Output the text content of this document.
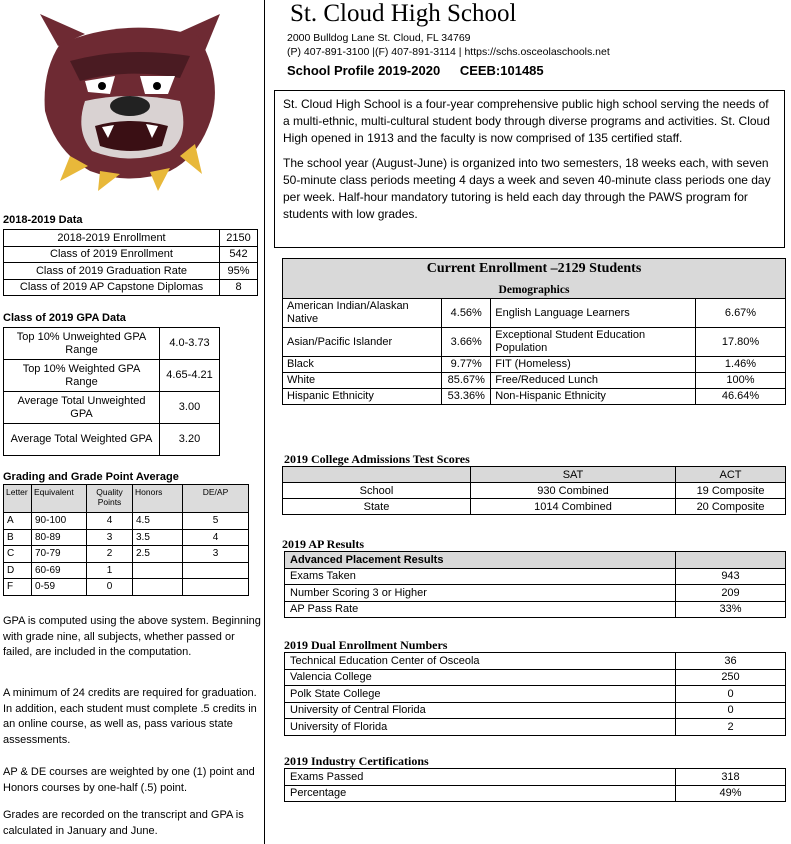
2018-2019 Data
2018-2019 Enrollment	2150
Class of 2019 Enrollment	542
Class of 2019 Graduation Rate	95%
Class of 2019 AP Capstone Diplomas	8
Class of 2019 GPA Data
Top 10% Unweighted GPA Range	4.0-3.73
Top 10% Weighted GPA Range	4.65-4.21
Average Total Unweighted GPA	3.00
Average Total Weighted GPA	3.20
Grading and Grade Point Average
Letter	Equivalent	Quality Points	Honors	DE/AP
A	90-100	4	4.5	5
B	80-89	3	3.5	4
C	70-79	2	2.5	3
D	60-69	1		
F	0-59	0		
GPA is computed using the above system. Beginning with grade nine, all subjects, whether passed or failed, are included in the computation.
A minimum of 24 credits are required for graduation. In addition, each student must complete .5 credits in an online course, as well as, pass various state assessments.
AP & DE courses are weighted by one (1) point and Honors courses by one-half (.5) point.
Grades are recorded on the transcript and GPA is calculated in January and June.
St. Cloud High School
2000 Bulldog Lane St. Cloud, FL 34769
(P) 407-891-3100 |(F) 407-891-3114 | https://schs.osceolaschools.net
School Profile 2019-2020 CEEB:101485

St. Cloud High School is a four-year comprehensive public high school serving the needs of a multi-ethnic, multi-cultural student body through diverse programs and activities. St. Cloud High opened in 1913 and the faculty is now comprised of 135 certified staff.

The school year (August-June) is organized into two semesters, 18 weeks each, with seven 50-minute class periods meeting 4 days a week and seven 40-minute class periods one day per week. Half-hour mandatory tutoring is held each day through the PAWS program for students with low grades.

Current Enrollment –2129 Students
Demographics			

American Indian/Alaskan Native	4.56%	English Language Learners	6.67%
Asian/Pacific Islander	3.66%	Exceptional Student Education Population	17.80%
Black	9.77%	FIT (Homeless)	1.46%
White	85.67%	Free/Reduced Lunch	100%
Hispanic Ethnicity	53.36%	Non-Hispanic Ethnicity	46.64%
2019 College Admissions Test Scores
	SAT	ACT
School	930 Combined	19 Composite
State	1014 Combined	20 Composite
2019 AP Results
Advanced Placement Results	
Exams Taken	943
Number Scoring 3 or Higher	209
AP Pass Rate	33%
2019 Dual Enrollment Numbers
Technical Education Center of Osceola	36
Valencia College	250
Polk State College	0
University of Central Florida	0
University of Florida	2
2019 Industry Certifications
Exams Passed	318
Percentage	49%
